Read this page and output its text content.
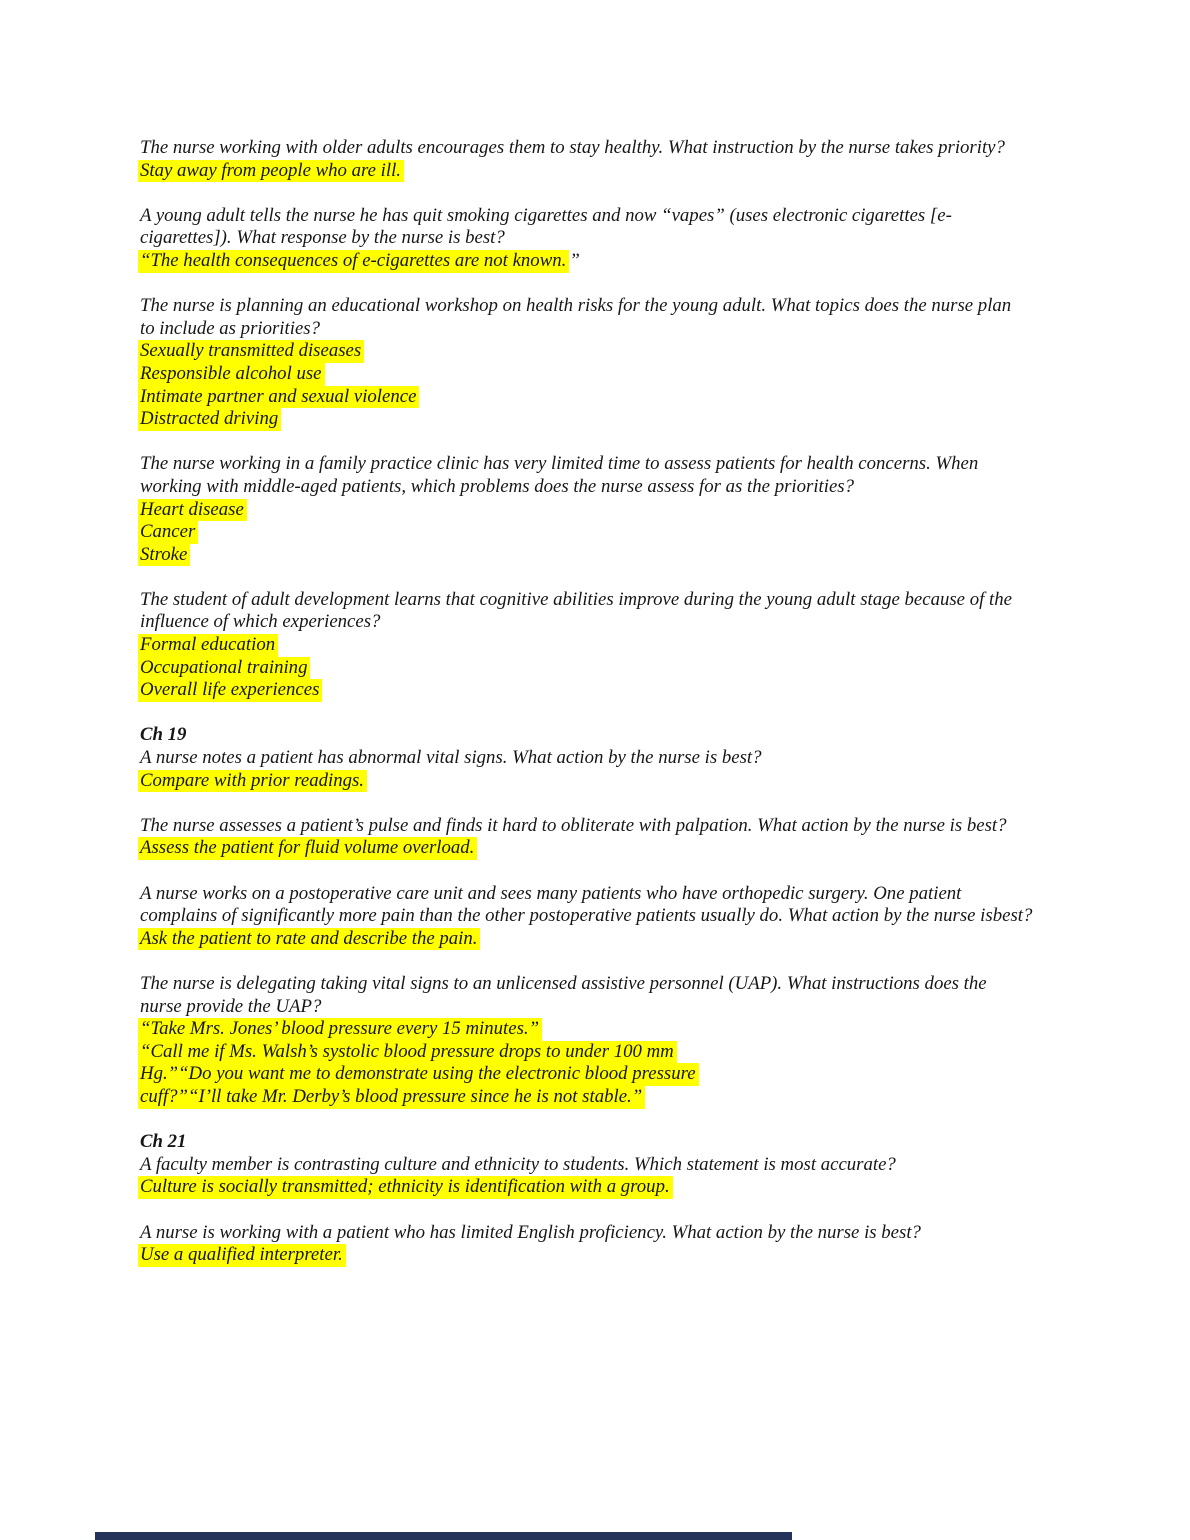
The nurse working with older adults encourages them to stay healthy. What instruction by the nurse takes priority?
Stay away from people who are ill.
A young adult tells the nurse he has quit smoking cigarettes and now “vapes” (uses electronic cigarettes [e-
cigarettes]). What response by the nurse is best?
“The health consequences of e-cigarettes are not known. ”
The nurse is planning an educational workshop on health risks for the young adult. What topics does the nurse plan
to include as priorities?
Sexually transmitted diseases
Responsible alcohol use
Intimate partner and sexual violence
Distracted driving
The nurse working in a family practice clinic has very limited time to assess patients for health concerns. When
working with middle-aged patients, which problems does the nurse assess for as the priorities?
Heart disease
Cancer
Stroke
The student of adult development learns that cognitive abilities improve during the young adult stage because of the
influence of which experiences?
Formal education
Occupational training
Overall life experiences
Ch 19
A nurse notes a patient has abnormal vital signs. What action by the nurse is best?
Compare with prior readings.
The nurse assesses a patient’s pulse and finds it hard to obliterate with palpation. What action by the nurse is best?
Assess the patient for fluid volume overload.
A nurse works on a postoperative care unit and sees many patients who have orthopedic surgery. One patient
complains of significantly more pain than the other postoperative patients usually do. What action by the nurse isbest?
Ask the patient to rate and describe the pain.
The nurse is delegating taking vital signs to an unlicensed assistive personnel (UAP). What instructions does the
nurse provide the UAP?
“Take Mrs. Jones’ blood pressure every 15 minutes.”
“Call me if Ms. Walsh’s systolic blood pressure drops to under 100 mm
Hg.”“Do you want me to demonstrate using the electronic blood pressure
cuff?”“I’ll take Mr. Derby’s blood pressure since he is not stable.”
Ch 21
A faculty member is contrasting culture and ethnicity to students. Which statement is most accurate?
Culture is socially transmitted; ethnicity is identification with a group.
A nurse is working with a patient who has limited English proficiency. What action by the nurse is best?
Use a qualified interpreter.
